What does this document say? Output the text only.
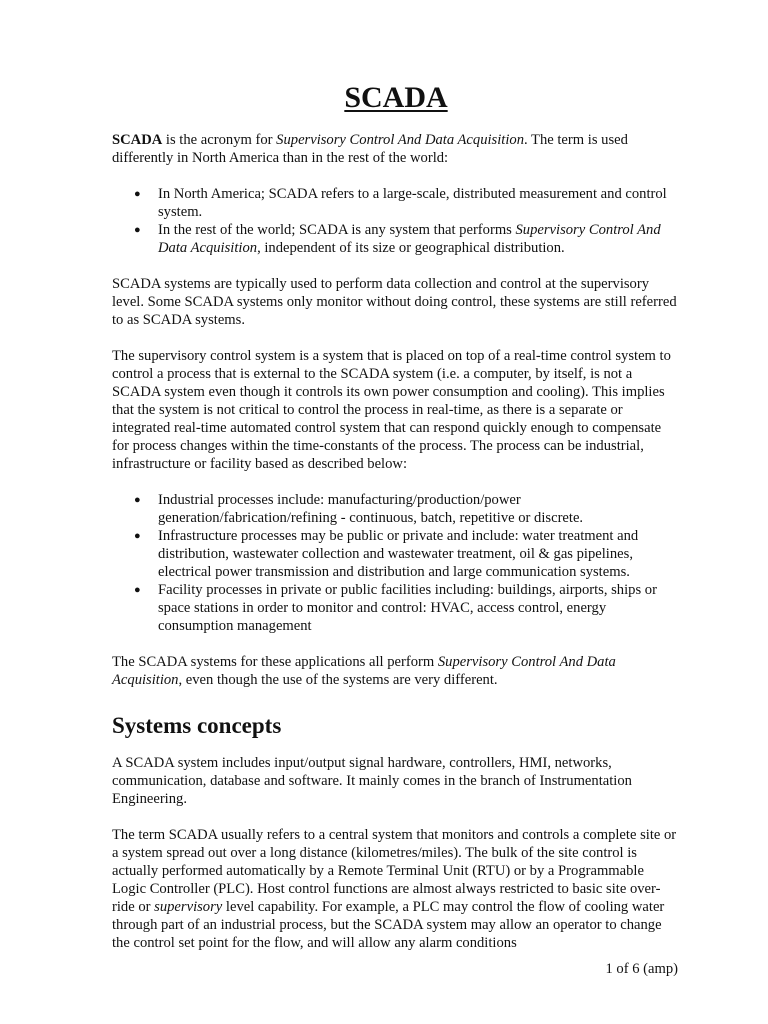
SCADA

SCADA is the acronym for Supervisory Control And Data Acquisition. The term is used differently in North America than in the rest of the world:

● In North America; SCADA refers to a large-scale, distributed measurement and control system.
● In the rest of the world; SCADA is any system that performs Supervisory Control And Data Acquisition, independent of its size or geographical distribution.

SCADA systems are typically used to perform data collection and control at the supervisory level. Some SCADA systems only monitor without doing control, these systems are still referred to as SCADA systems.

The supervisory control system is a system that is placed on top of a real-time control system to control a process that is external to the SCADA system (i.e. a computer, by itself, is not a SCADA system even though it controls its own power consumption and cooling). This implies that the system is not critical to control the process in real-time, as there is a separate or integrated real-time automated control system that can respond quickly enough to compensate for process changes within the time-constants of the process. The process can be industrial, infrastructure or facility based as described below:

● Industrial processes include: manufacturing/production/power generation/fabrication/refining - continuous, batch, repetitive or discrete.
● Infrastructure processes may be public or private and include: water treatment and distribution, wastewater collection and wastewater treatment, oil & gas pipelines, electrical power transmission and distribution and large communication systems.
● Facility processes in private or public facilities including: buildings, airports, ships or space stations in order to monitor and control: HVAC, access control, energy consumption management

The SCADA systems for these applications all perform Supervisory Control And Data Acquisition, even though the use of the systems are very different.

Systems concepts

A SCADA system includes input/output signal hardware, controllers, HMI, networks, communication, database and software. It mainly comes in the branch of Instrumentation Engineering.

The term SCADA usually refers to a central system that monitors and controls a complete site or a system spread out over a long distance (kilometres/miles). The bulk of the site control is actually performed automatically by a Remote Terminal Unit (RTU) or by a Programmable Logic Controller (PLC). Host control functions are almost always restricted to basic site over-ride or supervisory level capability. For example, a PLC may control the flow of cooling water through part of an industrial process, but the SCADA system may allow an operator to change the control set point for the flow, and will allow any alarm conditions

1 of 6 (amp)
